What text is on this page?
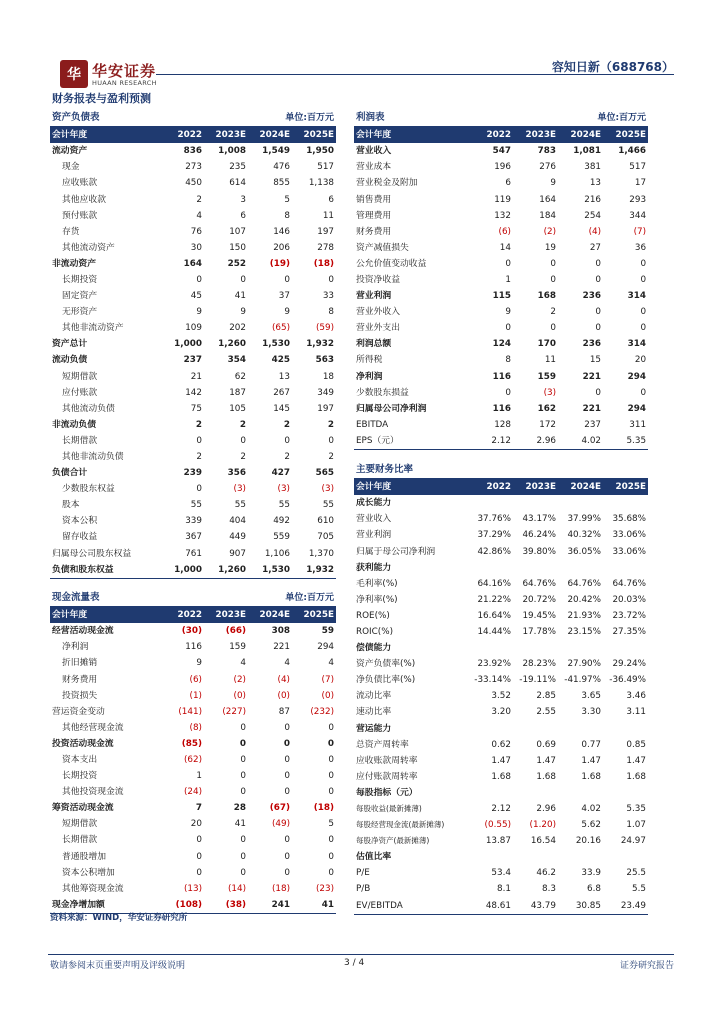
华 华安证券
HUAAN RESEARCH
容知日新（688768）
财务报表与盈利预测
资产负债表			单位:百万元	
会计年度	2022	2023E	2024E	2025E
流动资产	836	1,008	1,549	1,950
现金	273	235	476	517
应收账款	450	614	855	1,138
其他应收款	2	3	5	6
预付账款	4	6	8	11
存货	76	107	146	197
其他流动资产	30	150	206	278
非流动资产	164	252	(19)	(18)
长期投资	0	0	0	0
固定资产	45	41	37	33
无形资产	9	9	9	8
其他非流动资产	109	202	(65)	(59)
资产总计	1,000	1,260	1,530	1,932
流动负债	237	354	425	563
短期借款	21	62	13	18
应付账款	142	187	267	349
其他流动负债	75	105	145	197
非流动负债	2	2	2	2
长期借款	0	0	0	0
其他非流动负债	2	2	2	2
负债合计	239	356	427	565
少数股东权益	0	(3)	(3)	(3)
股本	55	55	55	55
资本公积	339	404	492	610
留存收益	367	449	559	705
归属母公司股东权益	761	907	1,106	1,370
负债和股东权益	1,000	1,260	1,530	1,932
现金流量表			单位:百万元	
会计年度	2022	2023E	2024E	2025E
经营活动现金流	(30)	(66)	308	59
净利润	116	159	221	294
折旧摊销	9	4	4	4
财务费用	(6)	(2)	(4)	(7)
投资损失	(1)	(0)	(0)	(0)
营运资金变动	(141)	(227)	87	(232)
其他经营现金流	(8)	0	0	0
投资活动现金流	(85)	0	0	0
资本支出	(62)	0	0	0
长期投资	1	0	0	0
其他投资现金流	(24)	0	0	0
筹资活动现金流	7	28	(67)	(18)
短期借款	20	41	(49)	5
长期借款	0	0	0	0
普通股增加	0	0	0	0
资本公积增加	0	0	0	0
其他筹资现金流	(13)	(14)	(18)	(23)
现金净增加额	(108)	(38)	241	41
利润表			单位:百万元	
会计年度	2022	2023E	2024E	2025E
营业收入	547	783	1,081	1,466
营业成本	196	276	381	517
营业税金及附加	6	9	13	17
销售费用	119	164	216	293
管理费用	132	184	254	344
财务费用	(6)	(2)	(4)	(7)
资产减值损失	14	19	27	36
公允价值变动收益	0	0	0	0
投资净收益	1	0	0	0
营业利润	115	168	236	314
营业外收入	9	2	0	0
营业外支出	0	0	0	0
利润总额	124	170	236	314
所得税	8	11	15	20
净利润	116	159	221	294
少数股东损益	0	(3)	0	0
归属母公司净利润	116	162	221	294
EBITDA	128	172	237	311
EPS（元）	2.12	2.96	4.02	5.35
主要财务比率				
会计年度	2022	2023E	2024E	2025E
成长能力				
营业收入	37.76%	43.17%	37.99%	35.68%
营业利润	37.29%	46.24%	40.32%	33.06%
归属于母公司净利润	42.86%	39.80%	36.05%	33.06%
获利能力				
毛利率(%)	64.16%	64.76%	64.76%	64.76%
净利率(%)	21.22%	20.72%	20.42%	20.03%
ROE(%)	16.64%	19.45%	21.93%	23.72%
ROIC(%)	14.44%	17.78%	23.15%	27.35%
偿债能力				
资产负债率(%)	23.92%	28.23%	27.90%	29.24%
净负债比率(%)	-33.14%	-19.11%	-41.97%	-36.49%
流动比率	3.52	2.85	3.65	3.46
速动比率	3.20	2.55	3.30	3.11
营运能力				
总资产周转率	0.62	0.69	0.77	0.85
应收账款周转率	1.47	1.47	1.47	1.47
应付账款周转率	1.68	1.68	1.68	1.68
每股指标（元）				
每股收益(最新摊薄)	2.12	2.96	4.02	5.35
每股经营现金流(最新摊薄)	(0.55)	(1.20)	5.62	1.07
每股净资产(最新摊薄)	13.87	16.54	20.16	24.97
估值比率				
P/E	53.4	46.2	33.9	25.5
P/B	8.1	8.3	6.8	5.5
EV/EBITDA	48.61	43.79	30.85	23.49
资料来源：WIND，华安证券研究所
敬请参阅末页重要声明及评级说明	3 / 4	证券研究报告
